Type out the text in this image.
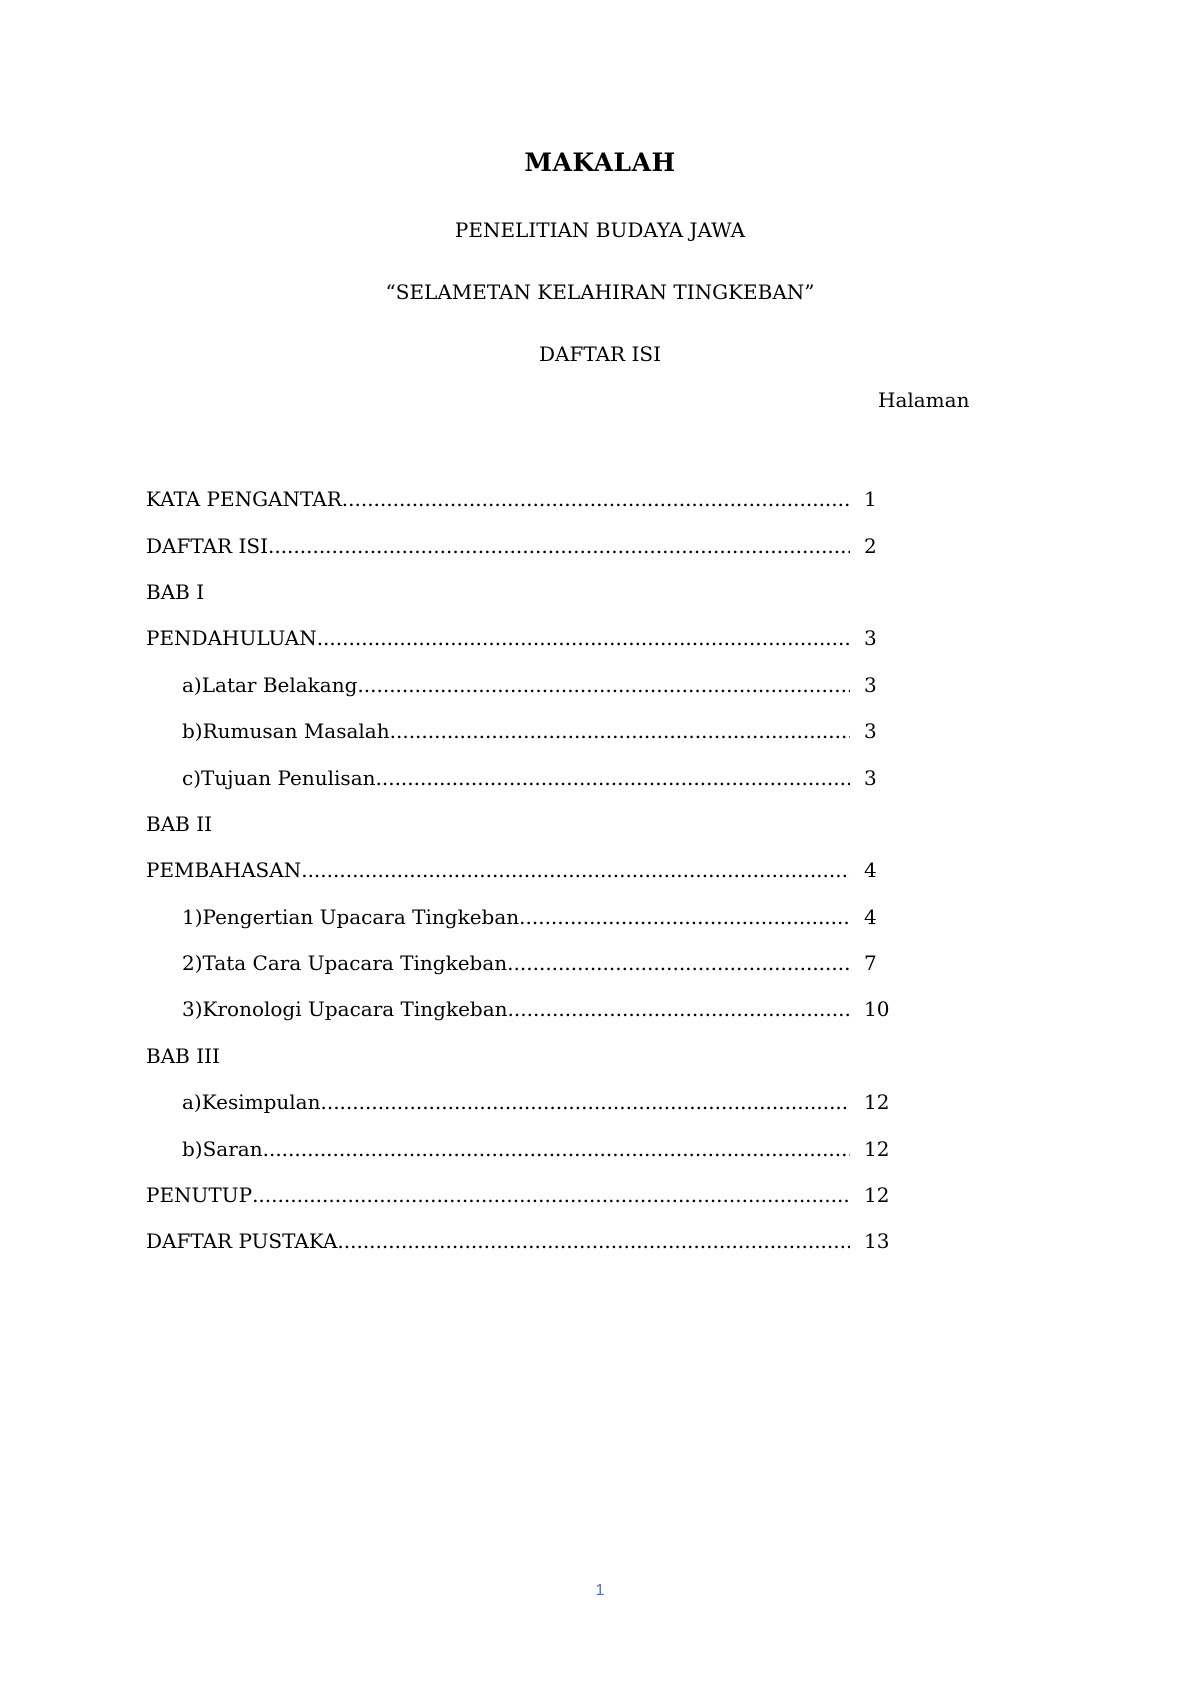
MAKALAH
PENELITIAN BUDAYA JAWA
“SELAMETAN KELAHIRAN TINGKEBAN”
DAFTAR ISI
Halaman
KATA PENGANTAR .....	1
DAFTAR ISI .....	2
BAB I
PENDAHULUAN .....	3
a) Latar Belakang .....	3
b) Rumusan Masalah .....	3
c) Tujuan Penulisan .....	3
BAB II
PEMBAHASAN .....	4
1) Pengertian Upacara Tingkeban .....	4
2) Tata Cara Upacara Tingkeban .....	7
3) Kronologi Upacara Tingkeban .....	10
BAB III
a) Kesimpulan .....	12
b) Saran .....	12
PENUTUP .....	12
DAFTAR PUSTAKA .....	13
1
